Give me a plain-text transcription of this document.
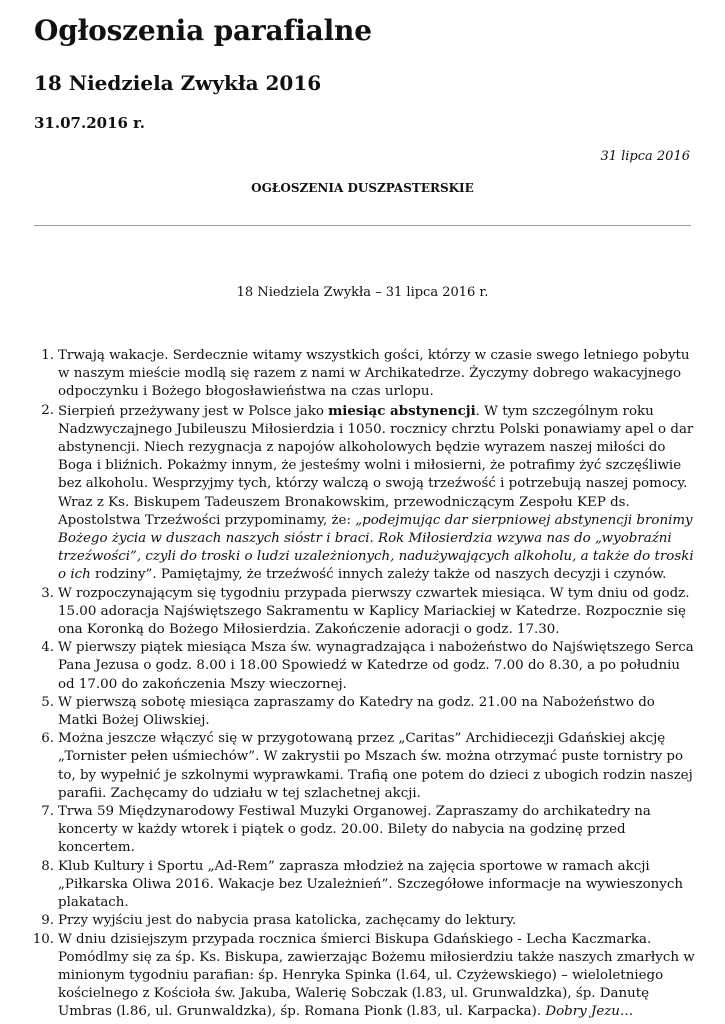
Ogłoszenia parafialne
18 Niedziela Zwykła 2016
31.07.2016 r.
31 lipca 2016
OGŁOSZENIA DUSZPASTERSKIE
18 Niedziela Zwykła – 31 lipca 2016 r.
1. Trwają wakacje. Serdecznie witamy wszystkich gości, którzy w czasie swego letniego pobytu w naszym mieście modlą się razem z nami w Archikatedrze. Życzymy dobrego wakacyjnego odpoczynku i Bożego błogosławieństwa na czas urlopu.
2. Sierpień przeżywany jest w Polsce jako miesiąc abstynencji. W tym szczególnym roku Nadzwyczajnego Jubileuszu Miłosierdzia i 1050. rocznicy chrztu Polski ponawiamy apel o dar abstynencji. Niech rezygnacja z napojów alkoholowych będzie wyrazem naszej miłości do Boga i bliźnich. Pokażmy innym, że jesteśmy wolni i miłosierni, że potrafimy żyć szczęśliwie bez alkoholu. Wesprzyjmy tych, którzy walczą o swoją trzeźwość i potrzebują naszej pomocy. Wraz z Ks. Biskupem Tadeuszem Bronakowskim, przewodniczącym Zespołu KEP ds. Apostolstwa Trzeźwości przypominamy, że: „podejmując dar sierpniowej abstynencji bronimy Bożego życia w duszach naszych sióstr i braci. Rok Miłosierdzia wzywa nas do „wyobraźni trzeźwości”, czyli do troski o ludzi uzależnionych, nadużywających alkoholu, a także do troski o ich rodziny”. Pamiętajmy, że trzeźwość innych zależy także od naszych decyzji i czynów.
3. W rozpoczynającym się tygodniu przypada pierwszy czwartek miesiąca. W tym dniu od godz. 15.00 adoracja Najświętszego Sakramentu w Kaplicy Mariackiej w Katedrze. Rozpocznie się ona Koronką do Bożego Miłosierdzia. Zakończenie adoracji o godz. 17.30.
4. W pierwszy piątek miesiąca Msza św. wynagradzająca i nabożeństwo do Najświętszego Serca Pana Jezusa o godz. 8.00 i 18.00 Spowiedź w Katedrze od godz. 7.00 do 8.30, a po południu od 17.00 do zakończenia Mszy wieczornej.
5. W pierwszą sobotę miesiąca zapraszamy do Katedry na godz. 21.00 na Nabożeństwo do Matki Bożej Oliwskiej.
6. Można jeszcze włączyć się w przygotowaną przez „Caritas” Archidiecezji Gdańskiej akcję „Tornister pełen uśmiechów”. W zakrystii po Mszach św. można otrzymać puste tornistry po to, by wypełnić je szkolnymi wyprawkami. Trafią one potem do dzieci z ubogich rodzin naszej parafii. Zachęcamy do udziału w tej szlachetnej akcji.
7. Trwa 59 Międzynarodowy Festiwal Muzyki Organowej. Zapraszamy do archikatedry na koncerty w każdy wtorek i piątek o godz. 20.00. Bilety do nabycia na godzinę przed koncertem.
8. Klub Kultury i Sportu „Ad-Rem” zaprasza młodzież na zajęcia sportowe w ramach akcji „Piłkarska Oliwa 2016. Wakacje bez Uzależnień”. Szczegółowe informacje na wywieszonych plakatach.
9. Przy wyjściu jest do nabycia prasa katolicka, zachęcamy do lektury.
10. W dniu dzisiejszym przypada rocznica śmierci Biskupa Gdańskiego - Lecha Kaczmarka. Pomódlmy się za śp. Ks. Biskupa, zawierzając Bożemu miłosierdziu także naszych zmarłych w minionym tygodniu parafian: śp. Henryka Spinka (l.64, ul. Czyżewskiego) – wieloletniego kościelnego z Kościoła św. Jakuba, Walerię Sobczak (l.83, ul. Grunwaldzka), śp. Danutę Umbras (l.86, ul. Grunwaldzka), śp. Romana Pionk (l.83, ul. Karpacka). Dobry Jezu…
